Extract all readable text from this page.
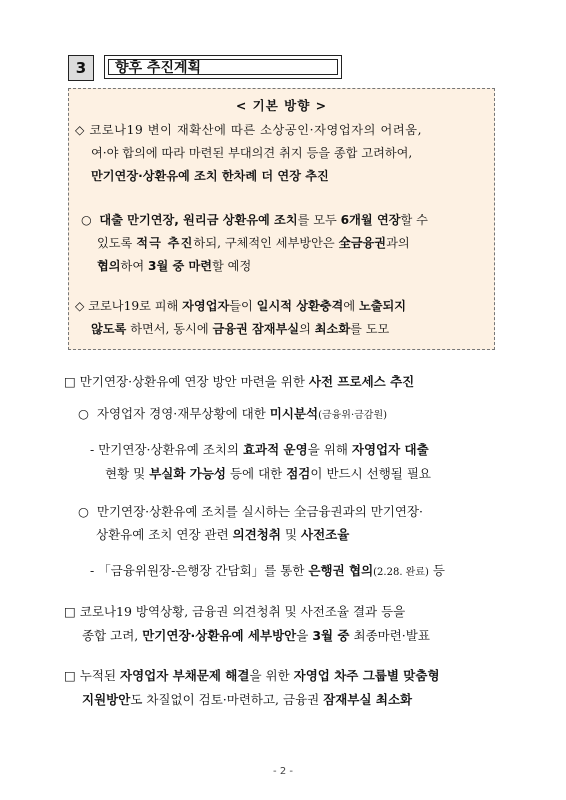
3	향후 추진계획
< 기본 방향 >
◇ 코로나19 변이 재확산에 따른 소상공인·자영업자의 어려움,
여·야 합의에 따라 마련된 부대의견 취지 등을 종합 고려하여,
만기연장·상환유예 조치 한차례 더 연장 추진
○ 대출 만기연장, 원리금 상환유예 조치를 모두 6개월 연장할 수
있도록 적극 추진하되, 구체적인 세부방안은 全금융권과의
협의하여 3월 중 마련할 예정
◇ 코로나19로 피해 자영업자들이 일시적 상환충격에 노출되지
않도록 하면서, 동시에 금융권 잠재부실의 최소화를 도모
□ 만기연장·상환유예 연장 방안 마련을 위한 사전 프로세스 추진
○ 자영업자 경영·재무상황에 대한 미시분석(금융위·금감원)
- 만기연장·상환유예 조치의 효과적 운영을 위해 자영업자 대출
현황 및 부실화 가능성 등에 대한 점검이 반드시 선행될 필요
○ 만기연장·상환유예 조치를 실시하는 全금융권과의 만기연장·
상환유예 조치 연장 관련 의견청취 및 사전조율
- 「금융위원장-은행장 간담회」를 통한 은행권 협의(2.28. 완료) 등
□ 코로나19 방역상황, 금융권 의견청취 및 사전조율 결과 등을
종합 고려, 만기연장·상환유예 세부방안을 3월 중 최종마련·발표
□ 누적된 자영업자 부채문제 해결을 위한 자영업 차주 그룹별 맞춤형
지원방안도 차질없이 검토·마련하고, 금융권 잠재부실 최소화
- 2 -
